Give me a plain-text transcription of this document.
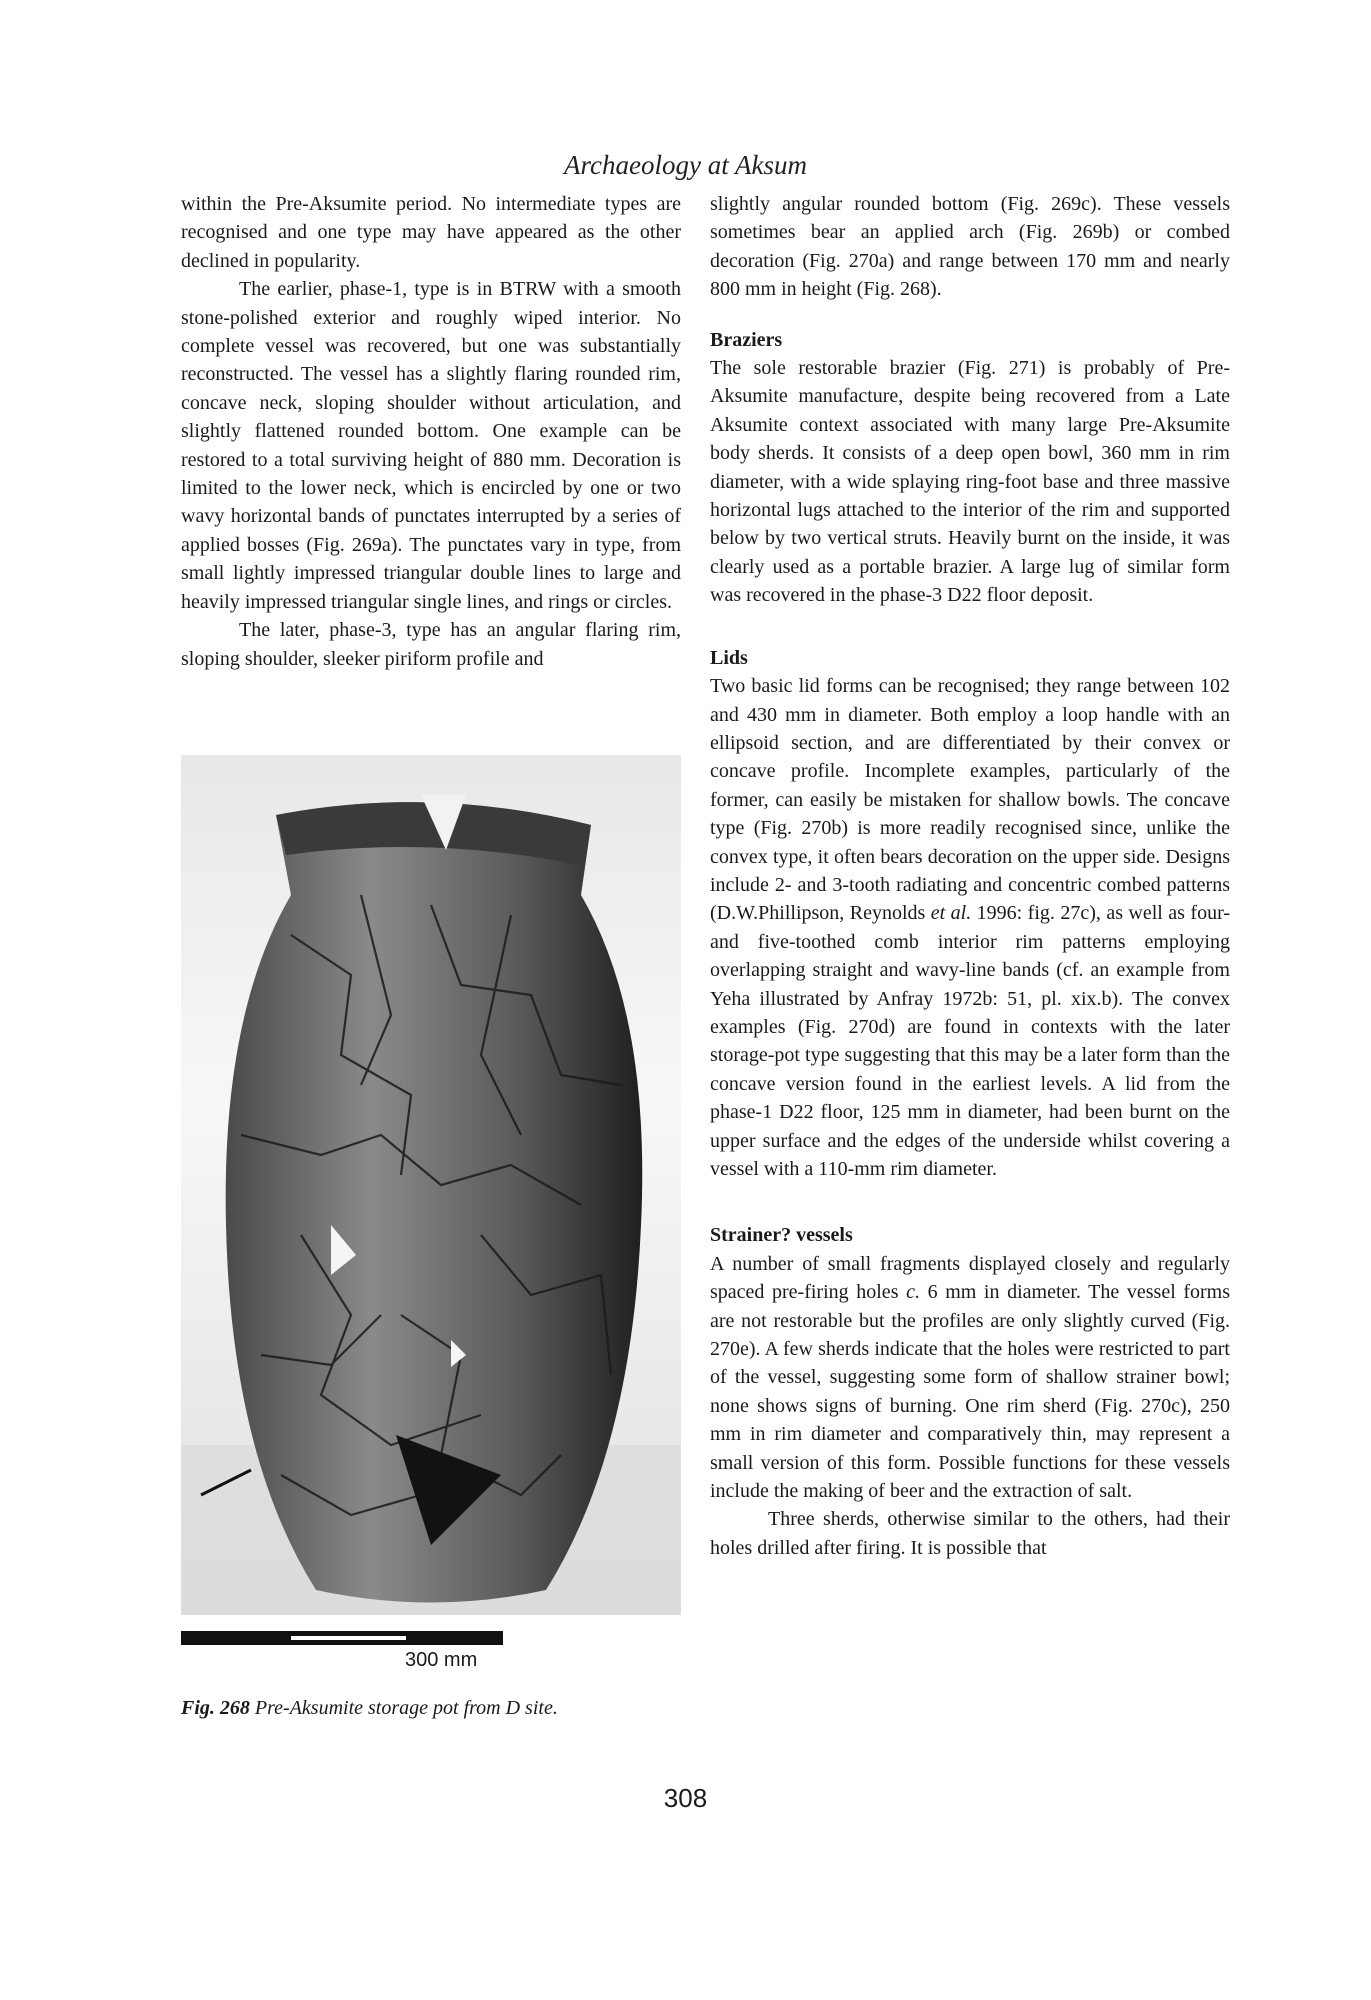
Archaeology at Aksum

within the Pre-Aksumite period. No intermediate types are recognised and one type may have appeared as the other declined in popularity.

The earlier, phase-1, type is in BTRW with a smooth stone-polished exterior and roughly wiped interior. No complete vessel was recovered, but one was substantially reconstructed. The vessel has a slightly flaring rounded rim, concave neck, sloping shoulder without articulation, and slightly flattened rounded bottom. One example can be restored to a total surviving height of 880 mm. Decoration is limited to the lower neck, which is encircled by one or two wavy horizontal bands of punctates interrupted by a series of applied bosses (Fig. 269a). The punctates vary in type, from small lightly impressed triangular double lines to large and heavily impressed triangular single lines, and rings or circles.

The later, phase-3, type has an angular flaring rim, sloping shoulder, sleeker piriform profile and

slightly angular rounded bottom (Fig. 269c). These vessels sometimes bear an applied arch (Fig. 269b) or combed decoration (Fig. 270a) and range between 170 mm and nearly 800 mm in height (Fig. 268).

Braziers

The sole restorable brazier (Fig. 271) is probably of Pre-Aksumite manufacture, despite being recovered from a Late Aksumite context associated with many large Pre-Aksumite body sherds. It consists of a deep open bowl, 360 mm in rim diameter, with a wide splaying ring-foot base and three massive horizontal lugs attached to the interior of the rim and supported below by two vertical struts. Heavily burnt on the inside, it was clearly used as a portable brazier. A large lug of similar form was recovered in the phase-3 D22 floor deposit.

Lids

Two basic lid forms can be recognised; they range between 102 and 430 mm in diameter. Both employ a loop handle with an ellipsoid section, and are differentiated by their convex or concave profile. Incomplete examples, particularly of the former, can easily be mistaken for shallow bowls. The concave type (Fig. 270b) is more readily recognised since, unlike the convex type, it often bears decoration on the upper side. Designs include 2- and 3-tooth radiating and concentric combed patterns (D.W.Phillipson, Reynolds et al. 1996: fig. 27c), as well as four- and five-toothed comb interior rim patterns employing overlapping straight and wavy-line bands (cf. an example from Yeha illustrated by Anfray 1972b: 51, pl. xix.b). The convex examples (Fig. 270d) are found in contexts with the later storage-pot type suggesting that this may be a later form than the concave version found in the earliest levels. A lid from the phase-1 D22 floor, 125 mm in diameter, had been burnt on the upper surface and the edges of the underside whilst covering a vessel with a 110-mm rim diameter.

Strainer? vessels

A number of small fragments displayed closely and regularly spaced pre-firing holes c. 6 mm in diameter. The vessel forms are not restorable but the profiles are only slightly curved (Fig. 270e). A few sherds indicate that the holes were restricted to part of the vessel, suggesting some form of shallow strainer bowl; none shows signs of burning. One rim sherd (Fig. 270c), 250 mm in rim diameter and comparatively thin, may represent a small version of this form. Possible functions for these vessels include the making of beer and the extraction of salt.

Three sherds, otherwise similar to the others, had their holes drilled after firing. It is possible that

300 mm
Fig. 268 Pre-Aksumite storage pot from D site.
308
